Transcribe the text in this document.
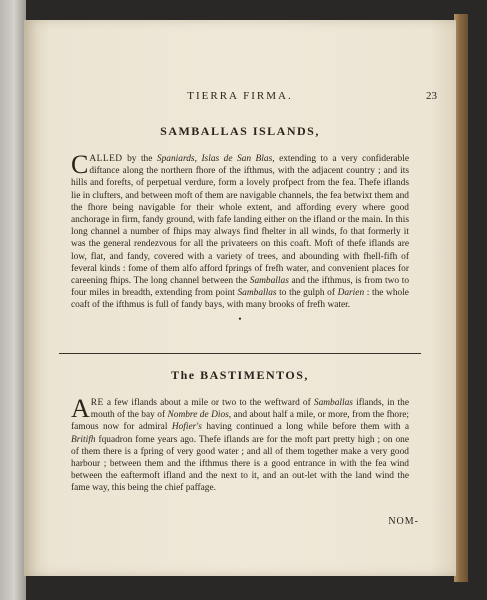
TIERRA FIRMA.	23
SAMBALLAS ISLANDS,

CALLED by the Spaniards, Islas de San Blas, extending to a very confiderable diftance along the northern fhore of the ifthmus, with the adjacent country ; and its hills and forefts, of perpetual verdure, form a lovely profpect from the fea. Thefe iflands lie in clufters, and between moft of them are navigable channels, the fea betwixt them and the fhore being navigable for their whole extent, and affording every where good anchorage in firm, fandy ground, with fafe landing either on the ifland or the main. In this long channel a number of fhips may always find fhelter in all winds, fo that formerly it was the general rendezvous for all the privateers on this coaft. Moft of thefe iflands are low, flat, and fandy, covered with a variety of trees, and abounding with fhell-fifh of feveral kinds : fome of them alfo afford fprings of frefh water, and convenient places for careening fhips. The long channel between the Samballas and the ifthmus, is from two to four miles in breadth, extending from point Samballas to the gulph of Darien : the whole coaft of the ifthmus is full of fandy bays, with many brooks of frefh water.

•
The BASTIMENTOS,

ARE a few iflands about a mile or two to the weftward of Samballas iflands, in the mouth of the bay of Nombre de Dios, and about half a mile, or more, from the fhore; famous now for admiral Hofier's having continued a long while before them with a Britifh fquadron fome years ago. Thefe iflands are for the moft part pretty high ; on one of them there is a fpring of very good water ; and all of them together make a very good harbour ; between them and the ifthmus there is a good entrance in with the fea wind between the eaftermoft ifland and the next to it, and an out-let with the land wind the fame way, this being the chief paffage.

NOM-
